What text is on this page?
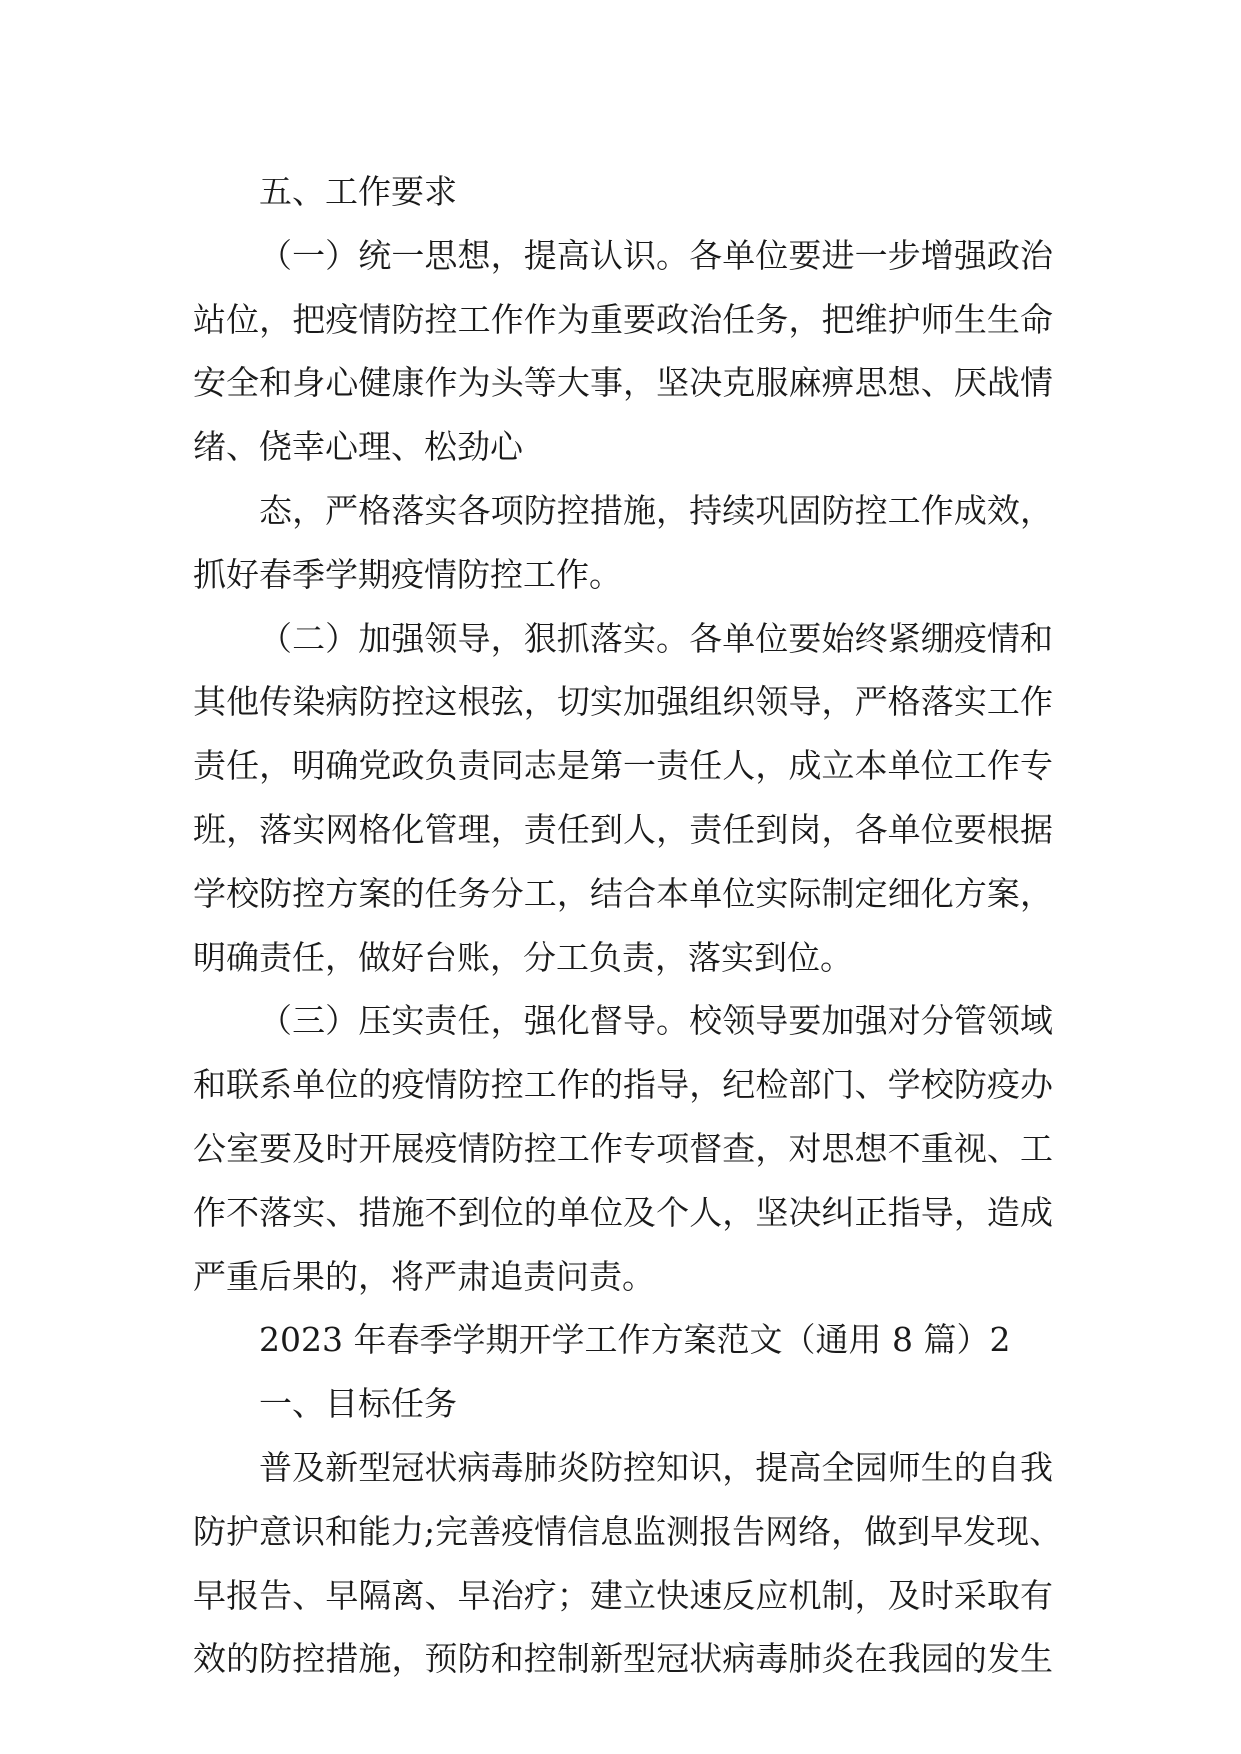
五、工作要求
（一）统一思想，提高认识。各单位要进一步增强政治
站位，把疫情防控工作作为重要政治任务，把维护师生生命
安全和身心健康作为头等大事，坚决克服麻痹思想、厌战情
绪、侥幸心理、松劲心
态，严格落实各项防控措施，持续巩固防控工作成效，
抓好春季学期疫情防控工作。
（二）加强领导，狠抓落实。各单位要始终紧绷疫情和
其他传染病防控这根弦，切实加强组织领导，严格落实工作
责任，明确党政负责同志是第一责任人，成立本单位工作专
班，落实网格化管理，责任到人，责任到岗，各单位要根据
学校防控方案的任务分工，结合本单位实际制定细化方案，
明确责任，做好台账，分工负责，落实到位。
（三）压实责任，强化督导。校领导要加强对分管领域
和联系单位的疫情防控工作的指导，纪检部门、学校防疫办
公室要及时开展疫情防控工作专项督查，对思想不重视、工
作不落实、措施不到位的单位及个人，坚决纠正指导，造成
严重后果的，将严肃追责问责。
2023 年春季学期开学工作方案范文（通用 8 篇）2
一、目标任务
普及新型冠状病毒肺炎防控知识，提高全园师生的自我
防护意识和能力;完善疫情信息监测报告网络，做到早发现、
早报告、早隔离、早治疗；建立快速反应机制，及时采取有
效的防控措施，预防和控制新型冠状病毒肺炎在我园的发生
